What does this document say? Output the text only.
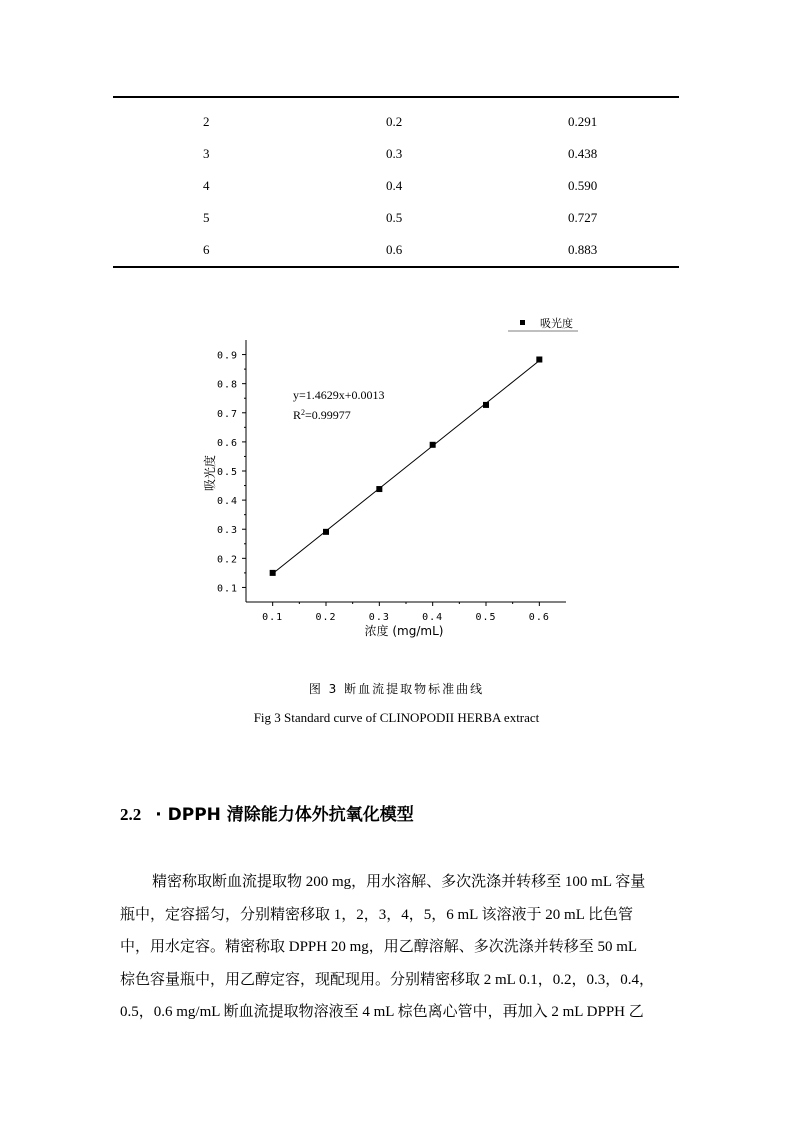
2	0.2	0.291
3	0.3	0.438
4	0.4	0.590
5	0.5	0.727
6	0.6	0.883
0.1
0.2
0.3
0.4
0.5
0.6
0.7
0.8
0.9
0.1	0.2	0.3	0.4	0.5	0.6
y=1.4629x+0.0013
$R^2=0.99977$
吸光度
浓度 (mg/mL)
吸光度
图 3 断血流提取物标准曲线
Fig 3 Standard curve of CLINOPODII HERBA extract
2.2 · DPPH 清除能力体外抗氧化模型
精密称取断血流提取物 200 mg，用水溶解、多次洗涤并转移至 100 mL 容量
瓶中，定容摇匀，分别精密移取 1，2，3，4，5，6 mL 该溶液于 20 mL 比色管
中，用水定容。精密称取 DPPH 20 mg，用乙醇溶解、多次洗涤并转移至 50 mL
棕色容量瓶中，用乙醇定容，现配现用。分别精密移取 2 mL 0.1，0.2，0.3，0.4，
0.5，0.6 mg/mL 断血流提取物溶液至 4 mL 棕色离心管中，再加入 2 mL DPPH 乙
